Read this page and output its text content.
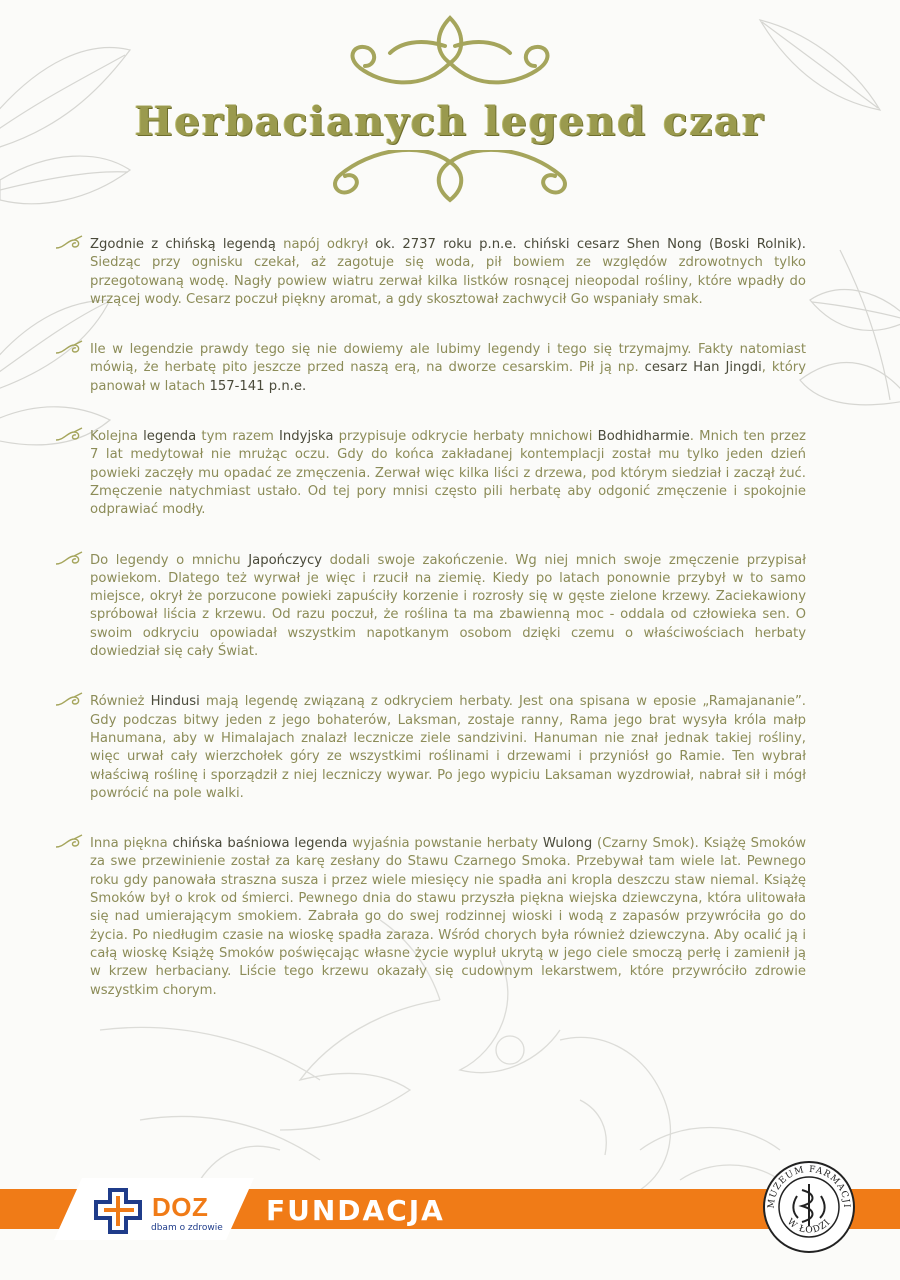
Herbacianych legend czar

Zgodnie z chińską legendą napój odkrył ok. 2737 roku p.n.e. chiński cesarz Shen Nong (Boski Rolnik). Siedząc przy ognisku czekał, aż zagotuje się woda, pił bowiem ze względów zdrowotnych tylko przegotowaną wodę. Nagły powiew wiatru zerwał kilka listków rosnącej nieopodal rośliny, które wpadły do wrzącej wody. Cesarz poczuł piękny aromat, a gdy skosztował zachwycił Go wspaniały smak.

Ile w legendzie prawdy tego się nie dowiemy ale lubimy legendy i tego się trzymajmy. Fakty natomiast mówią, że herbatę pito jeszcze przed naszą erą, na dworze cesarskim. Pił ją np. cesarz Han Jingdi, który panował w latach 157-141 p.n.e.

Kolejna legenda tym razem Indyjska przypisuje odkrycie herbaty mnichowi Bodhidharmie. Mnich ten przez 7 lat medytował nie mrużąc oczu. Gdy do końca zakładanej kontemplacji został mu tylko jeden dzień powieki zaczęły mu opadać ze zmęczenia. Zerwał więc kilka liści z drzewa, pod którym siedział i zaczął żuć. Zmęczenie natychmiast ustało. Od tej pory mnisi często pili herbatę aby odgonić zmęczenie i spokojnie odprawiać modły.

Do legendy o mnichu Japończycy dodali swoje zakończenie. Wg niej mnich swoje zmęczenie przypisał powiekom. Dlatego też wyrwał je więc i rzucił na ziemię. Kiedy po latach ponownie przybył w to samo miejsce, okrył że porzucone powieki zapuściły korzenie i rozrosły się w gęste zielone krzewy. Zaciekawiony spróbował liścia z krzewu. Od razu poczuł, że roślina ta ma zbawienną moc - oddala od człowieka sen. O swoim odkryciu opowiadał wszystkim napotkanym osobom dzięki czemu o właściwościach herbaty dowiedział się cały Świat.

Również Hindusi mają legendę związaną z odkryciem herbaty. Jest ona spisana w eposie „Ramajananie”. Gdy podczas bitwy jeden z jego bohaterów, Laksman, zostaje ranny, Rama jego brat wysyła króla małp Hanumana, aby w Himalajach znalazł lecznicze ziele sandzivini. Hanuman nie znał jednak takiej rośliny, więc urwał cały wierzchołek góry ze wszystkimi roślinami i drzewami i przyniósł go Ramie. Ten wybrał właściwą roślinę i sporządził z niej leczniczy wywar. Po jego wypiciu Laksaman wyzdrowiał, nabrał sił i mógł powrócić na pole walki.

Inna piękna chińska baśniowa legenda wyjaśnia powstanie herbaty Wulong (Czarny Smok). Książę Smoków za swe przewinienie został za karę zesłany do Stawu Czarnego Smoka. Przebywał tam wiele lat. Pewnego roku gdy panowała straszna susza i przez wiele miesięcy nie spadła ani kropla deszczu staw niemal. Książę Smoków był o krok od śmierci. Pewnego dnia do stawu przyszła piękna wiejska dziewczyna, która ulitowała się nad umierającym smokiem. Zabrała go do swej rodzinnej wioski i wodą z zapasów przywróciła go do życia. Po niedługim czasie na wioskę spadła zaraza. Wśród chorych była również dziewczyna. Aby ocalić ją i całą wioskę Książę Smoków poświęcając własne życie wypluł ukrytą w jego ciele smoczą perłę i zamienił ją w krzew herbaciany. Liście tego krzewu okazały się cudownym lekarstwem, które przywróciło zdrowie wszystkim chorym.

DOZ
dbam o zdrowie
FUNDACJA	MUZEUM FARMACJI
W ŁODZI
